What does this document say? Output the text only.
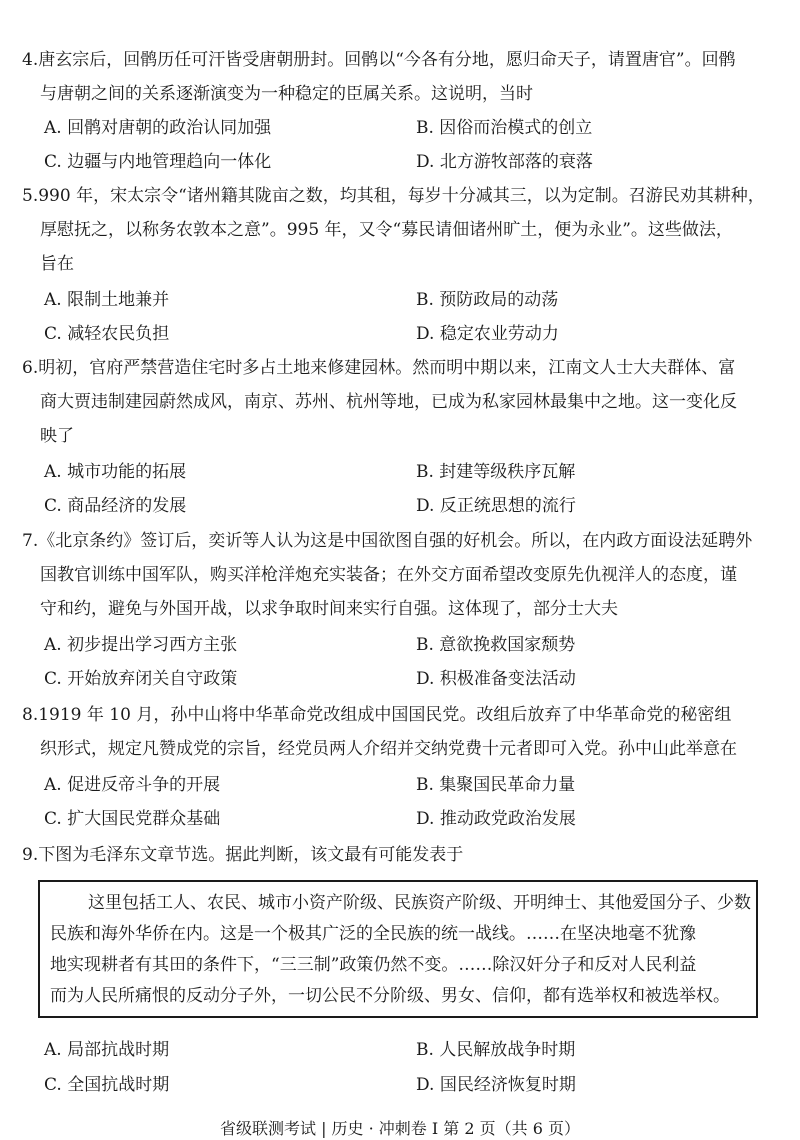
4.唐玄宗后，回鹘历任可汗皆受唐朝册封。回鹘以“今各有分地，愿归命天子，请置唐官”。回鹘
与唐朝之间的关系逐渐演变为一种稳定的臣属关系。这说明，当时
A. 回鹘对唐朝的政治认同加强	B. 因俗而治模式的创立
C. 边疆与内地管理趋向一体化	D. 北方游牧部落的衰落
5.990 年，宋太宗令“诸州籍其陇亩之数，均其租，每岁十分减其三，以为定制。召游民劝其耕种，
厚慰抚之，以称务农敦本之意”。995 年，又令“募民请佃诸州旷土，便为永业”。这些做法，
旨在
A. 限制土地兼并	B. 预防政局的动荡
C. 减轻农民负担	D. 稳定农业劳动力
6.明初，官府严禁营造住宅时多占土地来修建园林。然而明中期以来，江南文人士大夫群体、富
商大贾违制建园蔚然成风，南京、苏州、杭州等地，已成为私家园林最集中之地。这一变化反
映了
A. 城市功能的拓展	B. 封建等级秩序瓦解
C. 商品经济的发展	D. 反正统思想的流行
7.《北京条约》签订后，奕䜣等人认为这是中国欲图自强的好机会。所以，在内政方面设法延聘外
国教官训练中国军队，购买洋枪洋炮充实装备；在外交方面希望改变原先仇视洋人的态度，谨
守和约，避免与外国开战，以求争取时间来实行自强。这体现了，部分士大夫
A. 初步提出学习西方主张	B. 意欲挽救国家颓势
C. 开始放弃闭关自守政策	D. 积极准备变法活动
8.1919 年 10 月，孙中山将中华革命党改组成中国国民党。改组后放弃了中华革命党的秘密组
织形式，规定凡赞成党的宗旨，经党员两人介绍并交纳党费十元者即可入党。孙中山此举意在
A. 促进反帝斗争的开展	B. 集聚国民革命力量
C. 扩大国民党群众基础	D. 推动政党政治发展
9.下图为毛泽东文章节选。据此判断，该文最有可能发表于
这里包括工人、农民、城市小资产阶级、民族资产阶级、开明绅士、其他爱国分子、少数
民族和海外华侨在内。这是一个极其广泛的全民族的统一战线。……在坚决地毫不犹豫
地实现耕者有其田的条件下，“三三制”政策仍然不变。……除汉奸分子和反对人民利益
而为人民所痛恨的反动分子外，一切公民不分阶级、男女、信仰，都有选举权和被选举权。
A. 局部抗战时期	B. 人民解放战争时期
C. 全国抗战时期	D. 国民经济恢复时期
省级联测考试 | 历史 · 冲刺卷 I 第 2 页（共 6 页）
